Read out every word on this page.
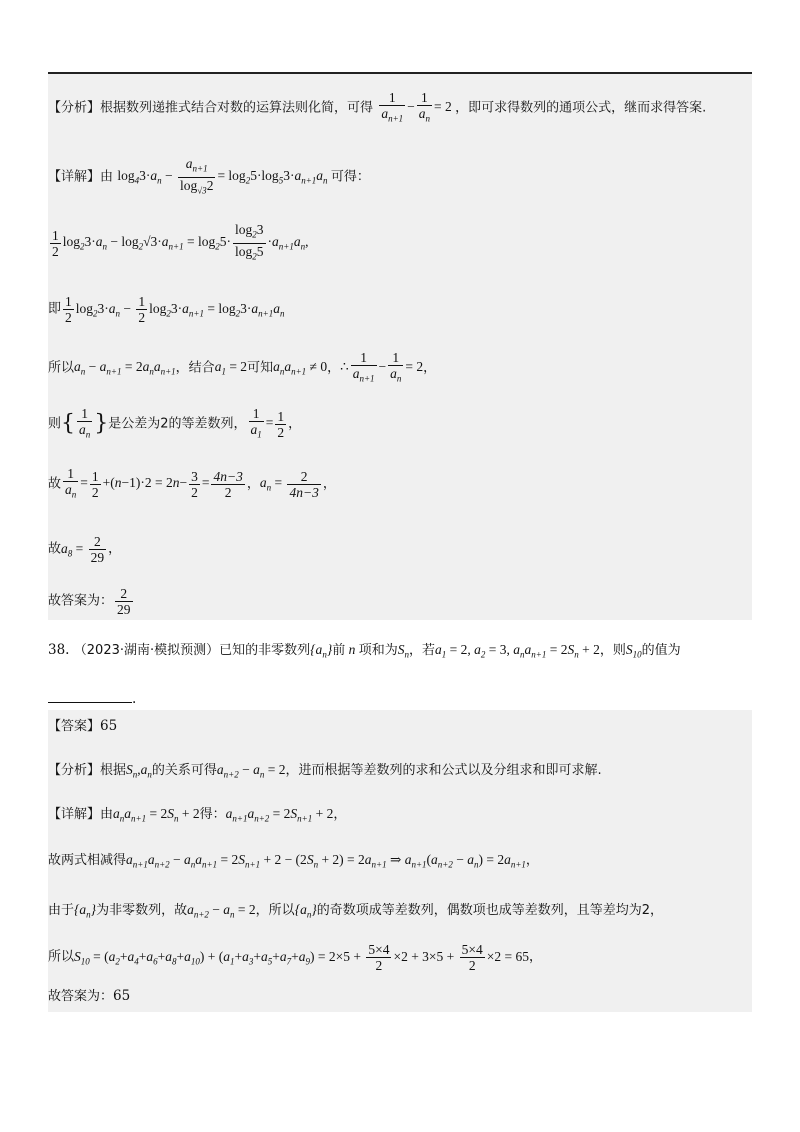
【分析】根据数列递推式结合对数的运算法则化简，可得 $\frac{1}{a_{n+1}} - \frac{1}{a_n} = 2$ ，即可求得数列的通项公式，继而求得答案.
【详解】由 $\log_43\cdot a_n - \frac{a_{n+1}}{\log_{√3}2} = \log_25\cdot\log_53\cdot a_{n+1}a_n$ 可得：
$\frac{1}{2} \log_23\cdot a_n - \log_2√3\cdot a_{n+1} = \log_25\cdot \frac{\log_23}{\log_25} \cdot a_{n+1}a_n$,
即 $\frac{1}{2} \log_23\cdot a_n - \frac{1}{2} \log_23\cdot a_{n+1} = \log_23\cdot a_{n+1}a_n$
所以$a_n - a_{n+1} = 2a_na_{n+1}$，结合$a_1 = 2$可知$a_na_{n+1} \ne 0$，∴ $\frac{1}{a_{n+1}} - \frac{1}{a_n} = 2$，
则{ $\frac{1}{a_n}$ }是公差为2的等差数列， $\frac{1}{a_1} = \frac{1}{2}$ ，
故 $\frac{1}{a_n} = \frac{1}{2} +(n-1)\cdot 2 = 2n- \frac{3}{2} = \frac{4n-3}{2}$ ，$a_n = \frac{2}{4n-3}$ ，
故$a_8 = \frac{2}{29}$ ，
故答案为： $\frac{2}{29}$
38. （2023·湖南·模拟预测）已知的非零数列$\{a_n\}$前 n 项和为$S_n$，若$a_1 = 2$, $a_2 = 3$, $a_na_{n+1} = 2S_n + 2$，则$S_{10}$的值为
.
【答案】65
【分析】根据$S_n,a_n$的关系可得$a_{n+2} - a_n = 2$，进而根据等差数列的求和公式以及分组求和即可求解.
【详解】由$a_na_{n+1} = 2S_n + 2$得：$a_{n+1}a_{n+2} = 2S_{n+1} + 2$，
故两式相减得$a_{n+1}a_{n+2} - a_na_{n+1} = 2S_{n+1} + 2 - (2S_n + 2) = 2a_{n+1}$ ⇒ $a_{n+1}(a_{n+2} - a_n) = 2a_{n+1}$，
由于$\{a_n\}$为非零数列，故$a_{n+2} - a_n = 2$，所以$\{a_n\}$的奇数项成等差数列，偶数项也成等差数列，且等差均为2，
所以$S_{10} = (a_2+a_4+a_6+a_8+a_{10}) + (a_1+a_3+a_5+a_7+a_9) = 2\times 5 + \frac{5\times 4}{2} \times 2 + 3\times 5 + \frac{5\times 4}{2} \times 2 = 65$，
故答案为：65
